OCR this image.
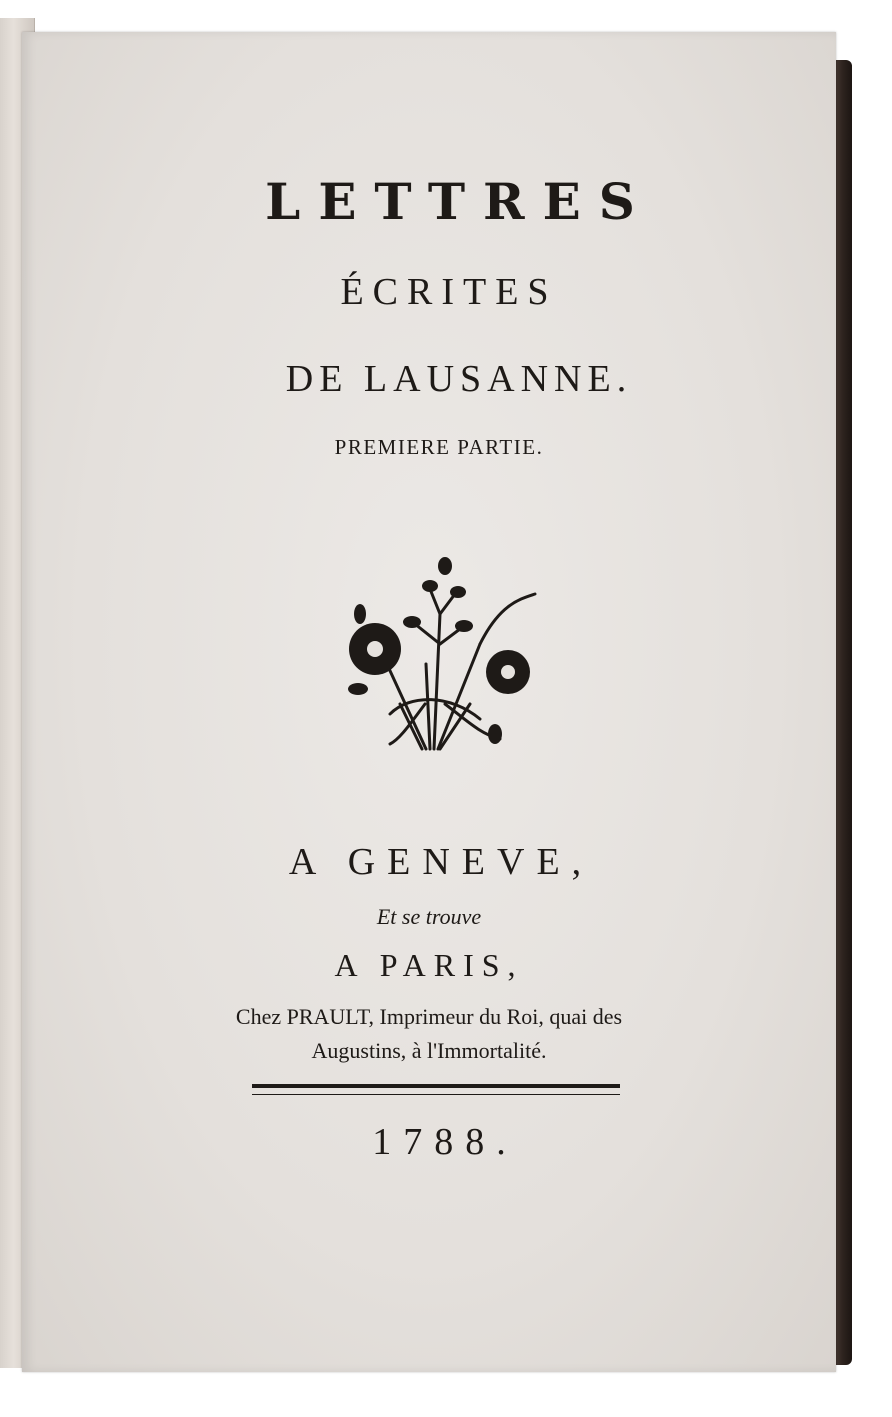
LETTRES
ÉCRITES
DE LAUSANNE.
PREMIERE PARTIE.
A GENEVE,
Et se trouve
A PARIS,
Chez PRAULT, Imprimeur du Roi, quai des
Augustins, à l'Immortalité.
1788.
